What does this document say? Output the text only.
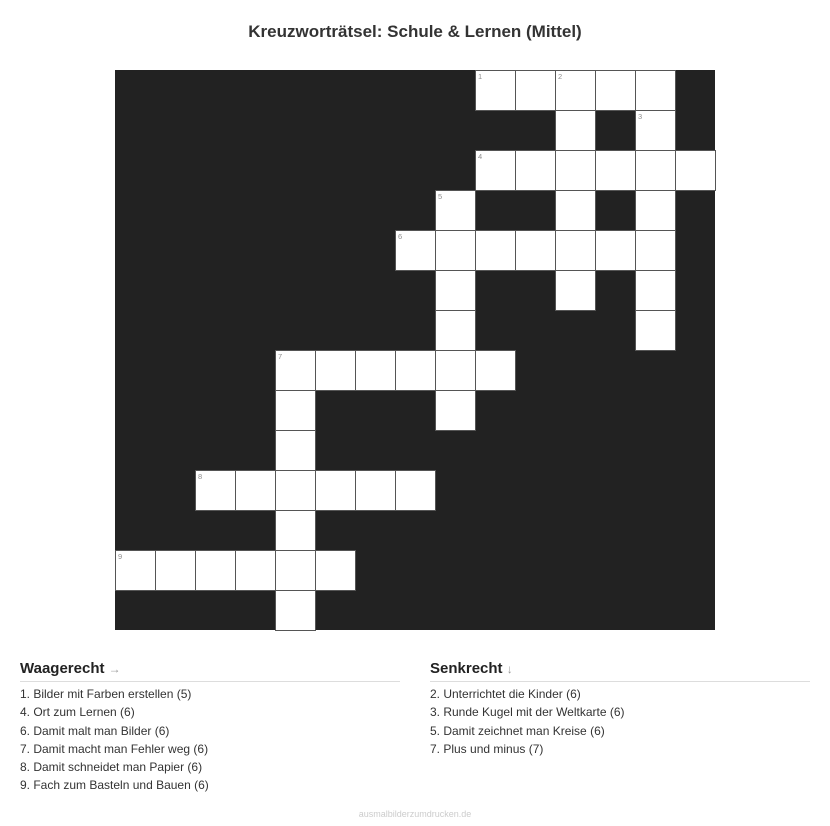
Kreuzworträtsel: Schule & Lernen (Mittel)
1	2
3
4
5
6
7
8
9
Waagerecht →
1. Bilder mit Farben erstellen (5)
4. Ort zum Lernen (6)
6. Damit malt man Bilder (6)
7. Damit macht man Fehler weg (6)
8. Damit schneidet man Papier (6)
9. Fach zum Basteln und Bauen (6)
Senkrecht ↓
2. Unterrichtet die Kinder (6)
3. Runde Kugel mit der Weltkarte (6)
5. Damit zeichnet man Kreise (6)
7. Plus und minus (7)
ausmalbilderzumdrucken.de
